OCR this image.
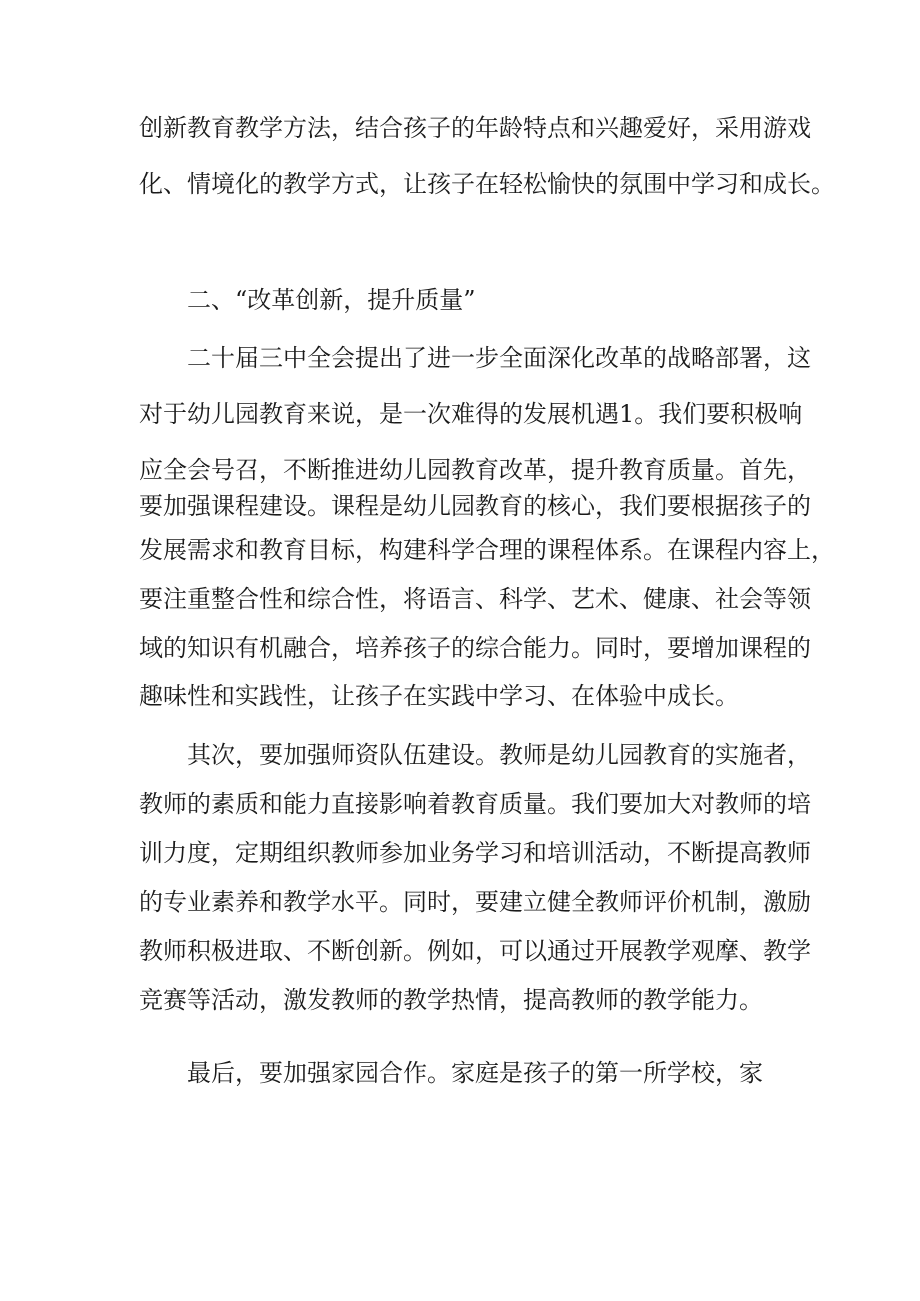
创新教育教学方法，结合孩子的年龄特点和兴趣爱好，采用游戏
化、情境化的教学方式，让孩子在轻松愉快的氛围中学习和成长。
二、“改革创新，提升质量”
二十届三中全会提出了进一步全面深化改革的战略部署，这
对于幼儿园教育来说，是一次难得的发展机遇1。我们要积极响
应全会号召，不断推进幼儿园教育改革，提升教育质量。首先，
要加强课程建设。课程是幼儿园教育的核心，我们要根据孩子的
发展需求和教育目标，构建科学合理的课程体系。在课程内容上，
要注重整合性和综合性，将语言、科学、艺术、健康、社会等领
域的知识有机融合，培养孩子的综合能力。同时，要增加课程的
趣味性和实践性，让孩子在实践中学习、在体验中成长。
其次，要加强师资队伍建设。教师是幼儿园教育的实施者，
教师的素质和能力直接影响着教育质量。我们要加大对教师的培
训力度，定期组织教师参加业务学习和培训活动，不断提高教师
的专业素养和教学水平。同时，要建立健全教师评价机制，激励
教师积极进取、不断创新。例如，可以通过开展教学观摩、教学
竞赛等活动，激发教师的教学热情，提高教师的教学能力。
最后，要加强家园合作。家庭是孩子的第一所学校，家
